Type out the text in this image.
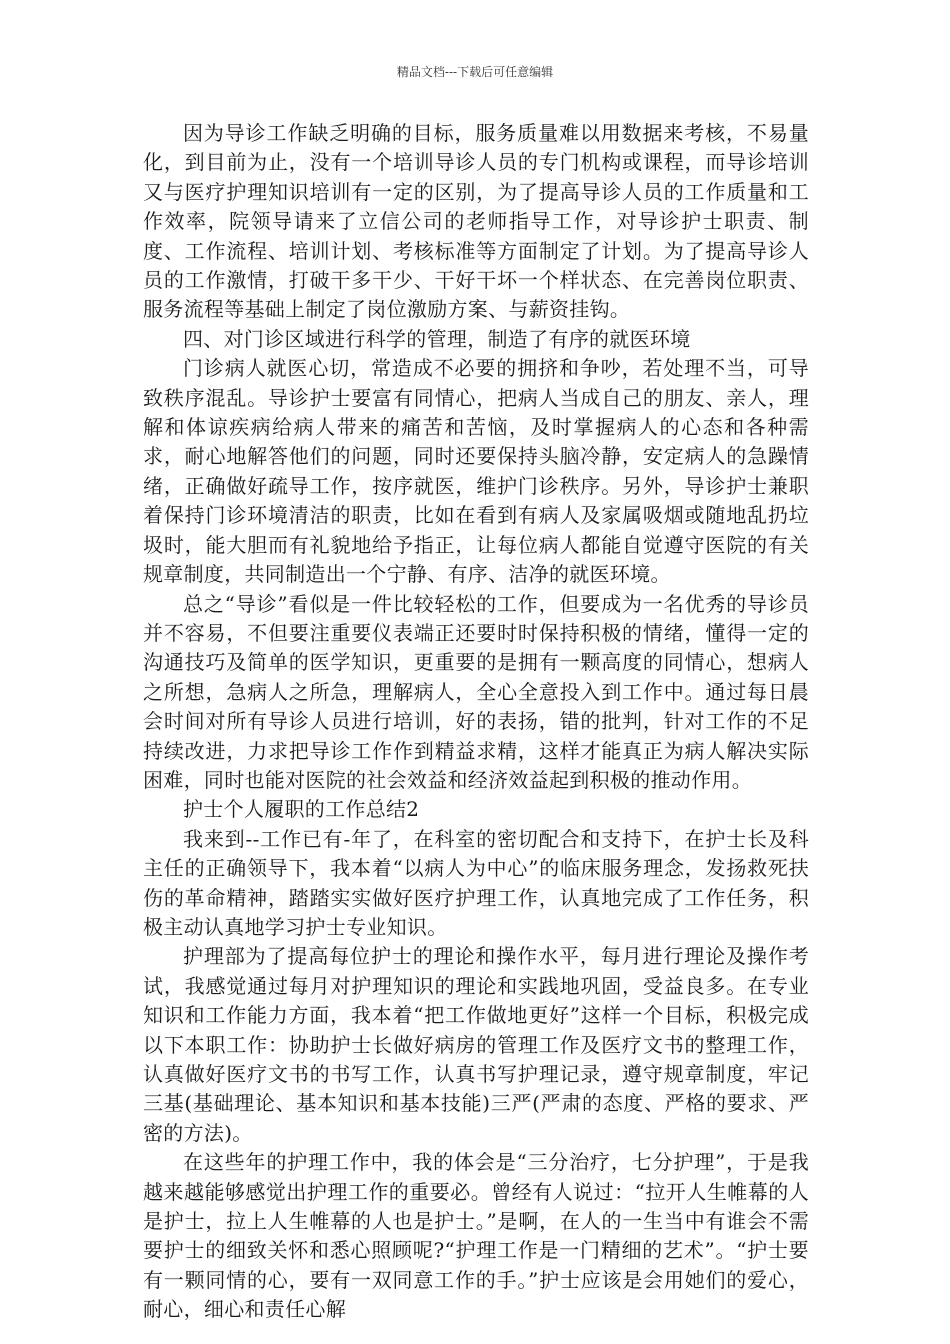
精品文档---下载后可任意编辑

因为导诊工作缺乏明确的目标，服务质量难以用数据来考核，不易量化，到目前为止，没有一个培训导诊人员的专门机构或课程，而导诊培训又与医疗护理知识培训有一定的区别，为了提高导诊人员的工作质量和工作效率，院领导请来了立信公司的老师指导工作，对导诊护士职责、制度、工作流程、培训计划、考核标准等方面制定了计划。为了提高导诊人员的工作激情，打破干多干少、干好干坏一个样状态、在完善岗位职责、服务流程等基础上制定了岗位激励方案、与薪资挂钩。

四、对门诊区域进行科学的管理，制造了有序的就医环境

门诊病人就医心切，常造成不必要的拥挤和争吵，若处理不当，可导致秩序混乱。导诊护士要富有同情心，把病人当成自己的朋友、亲人，理解和体谅疾病给病人带来的痛苦和苦恼，及时掌握病人的心态和各种需求，耐心地解答他们的问题，同时还要保持头脑冷静，安定病人的急躁情绪，正确做好疏导工作，按序就医，维护门诊秩序。另外，导诊护士兼职着保持门诊环境清洁的职责，比如在看到有病人及家属吸烟或随地乱扔垃圾时，能大胆而有礼貌地给予指正，让每位病人都能自觉遵守医院的有关规章制度，共同制造出一个宁静、有序、洁净的就医环境。

总之“导诊”看似是一件比较轻松的工作，但要成为一名优秀的导诊员并不容易，不但要注重要仪表端正还要时时保持积极的情绪，懂得一定的沟通技巧及简单的医学知识，更重要的是拥有一颗高度的同情心，想病人之所想，急病人之所急，理解病人，全心全意投入到工作中。通过每日晨会时间对所有导诊人员进行培训，好的表扬，错的批判，针对工作的不足持续改进，力求把导诊工作作到精益求精，这样才能真正为病人解决实际困难，同时也能对医院的社会效益和经济效益起到积极的推动作用。

护士个人履职的工作总结2

我来到--工作已有-年了，在科室的密切配合和支持下，在护士长及科主任的正确领导下，我本着“以病人为中心”的临床服务理念，发扬救死扶伤的革命精神，踏踏实实做好医疗护理工作，认真地完成了工作任务，积极主动认真地学习护士专业知识。

护理部为了提高每位护士的理论和操作水平，每月进行理论及操作考试，我感觉通过每月对护理知识的理论和实践地巩固，受益良多。在专业知识和工作能力方面，我本着“把工作做地更好”这样一个目标，积极完成以下本职工作：协助护士长做好病房的管理工作及医疗文书的整理工作，认真做好医疗文书的书写工作，认真书写护理记录，遵守规章制度，牢记三基(基础理论、基本知识和基本技能)三严(严肃的态度、严格的要求、严密的方法)。

在这些年的护理工作中，我的体会是“三分治疗，七分护理”，于是我越来越能够感觉出护理工作的重要必。曾经有人说过：“拉开人生帷幕的人是护士，拉上人生帷幕的人也是护士。”是啊，在人的一生当中有谁会不需要护士的细致关怀和悉心照顾呢?“护理工作是一门精细的艺术”。“护士要有一颗同情的心，要有一双同意工作的手。”护士应该是会用她们的爱心，耐心，细心和责任心解
